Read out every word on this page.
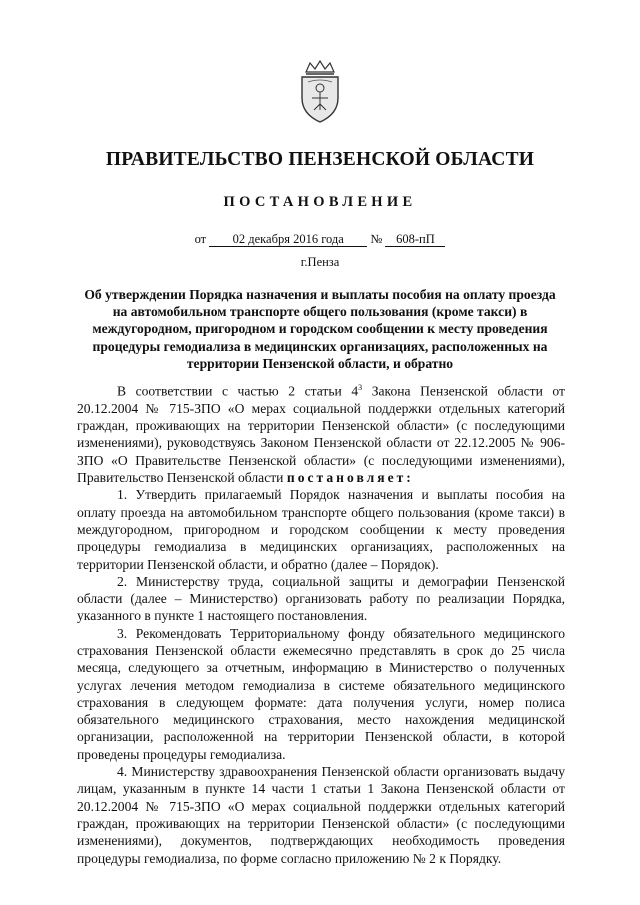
ПРАВИТЕЛЬСТВО ПЕНЗЕНСКОЙ ОБЛАСТИ
ПОСТАНОВЛЕНИЕ
от 02 декабря 2016 года № 608-пП
г.Пенза
Об утверждении Порядка назначения и выплаты пособия на оплату проезда на автомобильном транспорте общего пользования (кроме такси) в междугородном, пригородном и городском сообщении к месту проведения процедуры гемодиализа в медицинских организациях, расположенных на территории Пензенской области, и обратно

В соответствии с частью 2 статьи $4^3$ Закона Пензенской области от 20.12.2004 № 715-ЗПО «О мерах социальной поддержки отдельных категорий граждан, проживающих на территории Пензенской области» (с последующими изменениями), руководствуясь Законом Пензенской области от 22.12.2005 № 906-ЗПО «О Правительстве Пензенской области» (с последующими изменениями), Правительство Пензенской области постановляет:

1. Утвердить прилагаемый Порядок назначения и выплаты пособия на оплату проезда на автомобильном транспорте общего пользования (кроме такси) в междугородном, пригородном и городском сообщении к месту проведения процедуры гемодиализа в медицинских организациях, расположенных на территории Пензенской области, и обратно (далее – Порядок).

2. Министерству труда, социальной защиты и демографии Пензенской области (далее – Министерство) организовать работу по реализации Порядка, указанного в пункте 1 настоящего постановления.

3. Рекомендовать Территориальному фонду обязательного медицинского страхования Пензенской области ежемесячно представлять в срок до 25 числа месяца, следующего за отчетным, информацию в Министерство о полученных услугах лечения методом гемодиализа в системе обязательного медицинского страхования в следующем формате: дата получения услуги, номер полиса обязательного медицинского страхования, место нахождения медицинской организации, расположенной на территории Пензенской области, в которой проведены процедуры гемодиализа.

4. Министерству здравоохранения Пензенской области организовать выдачу лицам, указанным в пункте 14 части 1 статьи 1 Закона Пензенской области от 20.12.2004 № 715-ЗПО «О мерах социальной поддержки отдельных категорий граждан, проживающих на территории Пензенской области» (с последующими изменениями), документов, подтверждающих необходимость проведения процедуры гемодиализа, по форме согласно приложению № 2 к Порядку.
